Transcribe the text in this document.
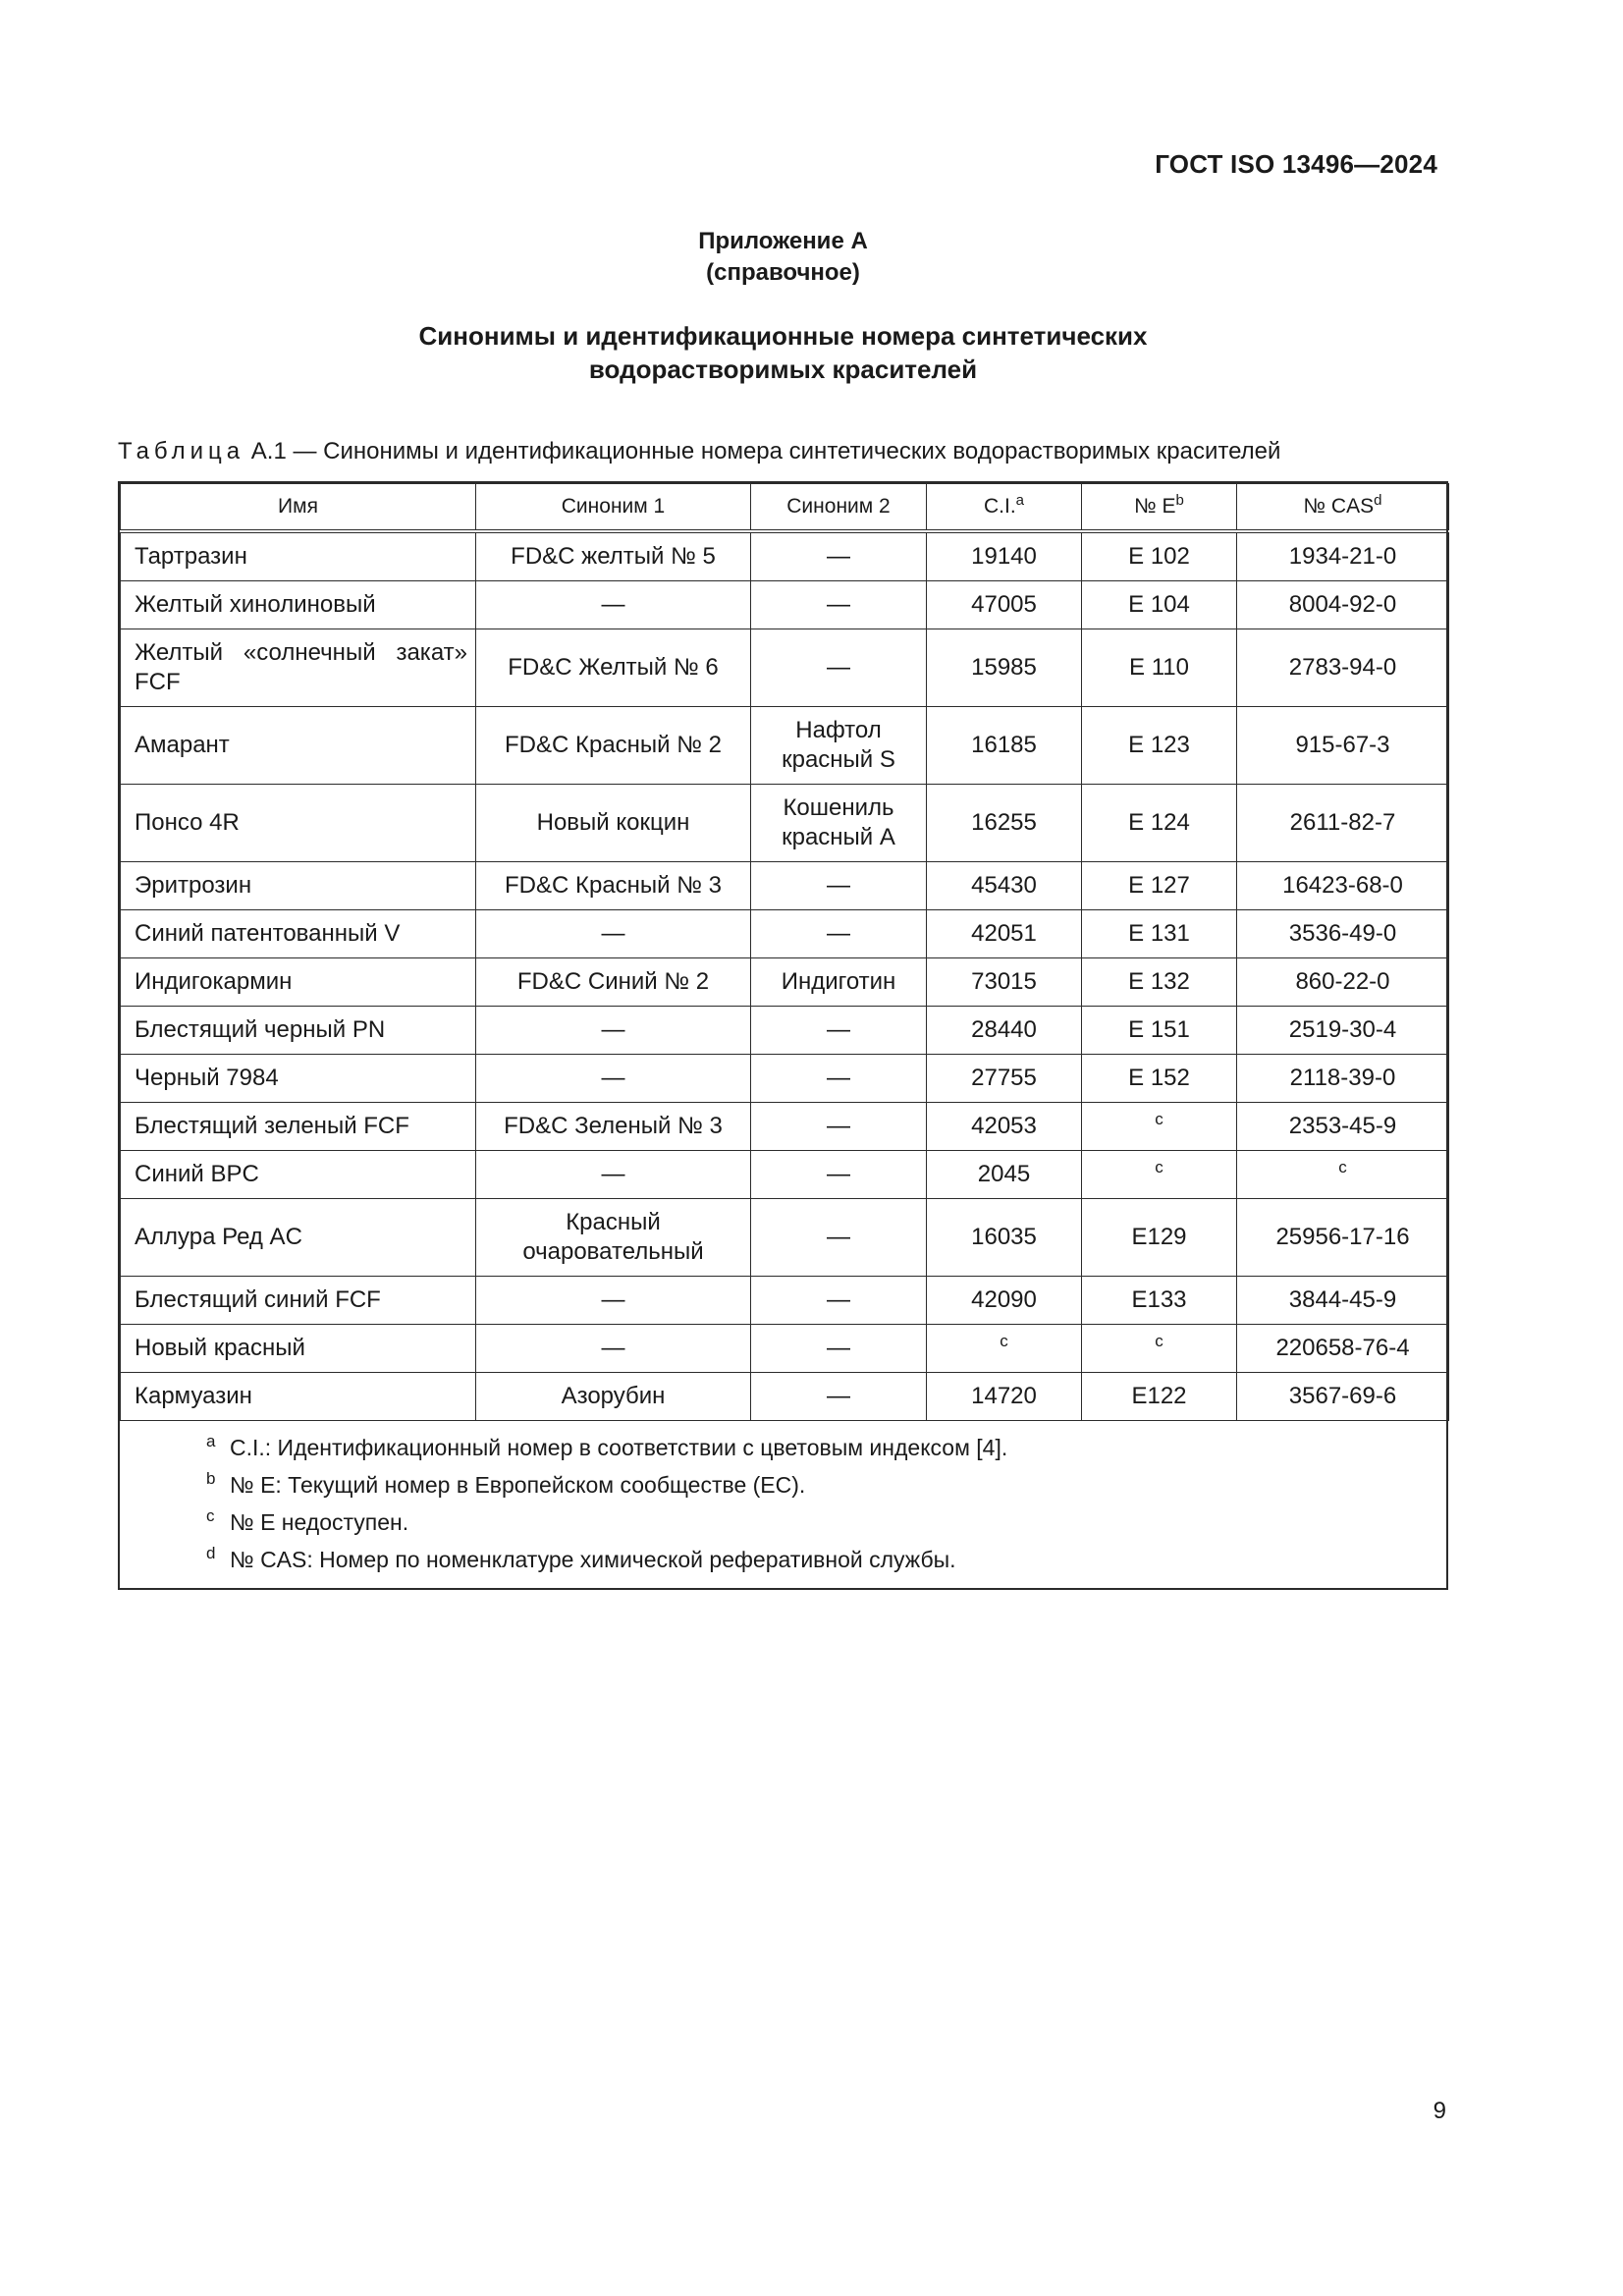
ГОСТ ISO 13496—2024
Приложение А
(справочное)
Синонимы и идентификационные номера синтетических
водорастворимых красителей
Таблица А.1 — Синонимы и идентификационные номера синтетических водорастворимых красителей
Имя	Синоним 1	Синоним 2	C.I.$^a$	№ $E^b$	№ CAS$^d$
Тартразин	FD&C желтый № 5	—	19140	E 102	1934-21-0
Желтый хинолиновый	—	—	47005	E 104	8004-92-0
Желтый «солнечный закат» FCF	FD&C Желтый № 6	—	15985	E 110	2783-94-0
Амарант	FD&C Красный № 2	Нафтол красный S	16185	E 123	915-67-3
Понсо 4R	Новый кокцин	Кошениль красный A	16255	E 124	2611-82-7
Эритрозин	FD&C Красный № 3	—	45430	E 127	16423-68-0
Синий патентованный V	—	—	42051	E 131	3536-49-0
Индигокармин	FD&C Синий № 2	Индиготин	73015	E 132	860-22-0
Блестящий черный PN	—	—	28440	E 151	2519-30-4
Черный 7984	—	—	27755	E 152	2118-39-0
Блестящий зеленый FCF	FD&C Зеленый № 3	—	42053	$^c$	2353-45-9
Синий BPC	—	—	2045	$^c$	$^c$
Аллура Ред AC	Красный очаровательный	—	16035	E129	25956-17-16
Блестящий синий FCF	—	—	42090	E133	3844-45-9
Новый красный	—	—	$^c$	$^c$	220658-76-4
Кармуазин	Азорубин	—	14720	E122	3567-69-6
a C.I.: Идентификационный номер в соответствии с цветовым индексом [4].
b № E: Текущий номер в Европейском сообществе (EC).
c № E недоступен.
d № CAS: Номер по номенклатуре химической реферативной службы.
9
